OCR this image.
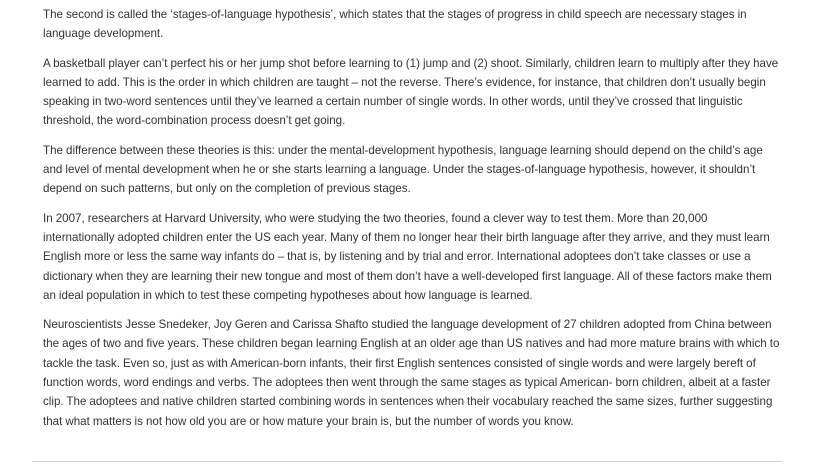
The second is called the ‘stages-of-language hypothesis’, which states that the stages of progress in child speech are necessary stages in language development.

A basketball player can’t perfect his or her jump shot before learning to (1) jump and (2) shoot. Similarly, children learn to multiply after they have learned to add. This is the order in which children are taught – not the reverse. There’s evidence, for instance, that children don’t usually begin speaking in two-word sentences until they’ve learned a certain number of single words. In other words, until they’ve crossed that linguistic threshold, the word-combination process doesn’t get going.

The difference between these theories is this: under the mental-development hypothesis, language learning should depend on the child’s age and level of mental development when he or she starts learning a language. Under the stages-of-language hypothesis, however, it shouldn’t depend on such patterns, but only on the completion of previous stages.

In 2007, researchers at Harvard University, who were studying the two theories, found a clever way to test them. More than 20,000 internationally adopted children enter the US each year. Many of them no longer hear their birth language after they arrive, and they must learn English more or less the same way infants do – that is, by listening and by trial and error. International adoptees don’t take classes or use a dictionary when they are learning their new tongue and most of them don’t have a well-developed first language. All of these factors make them an ideal population in which to test these competing hypotheses about how language is learned.

Neuroscientists Jesse Snedeker, Joy Geren and Carissa Shafto studied the language development of 27 children adopted from China between the ages of two and five years. These children began learning English at an older age than US natives and had more mature brains with which to tackle the task. Even so, just as with American-born infants, their first English sentences consisted of single words and were largely bereft of function words, word endings and verbs. The adoptees then went through the same stages as typical American- born children, albeit at a faster clip. The adoptees and native children started combining words in sentences when their vocabulary reached the same sizes, further suggesting that what matters is not how old you are or how mature your brain is, but the number of words you know.
